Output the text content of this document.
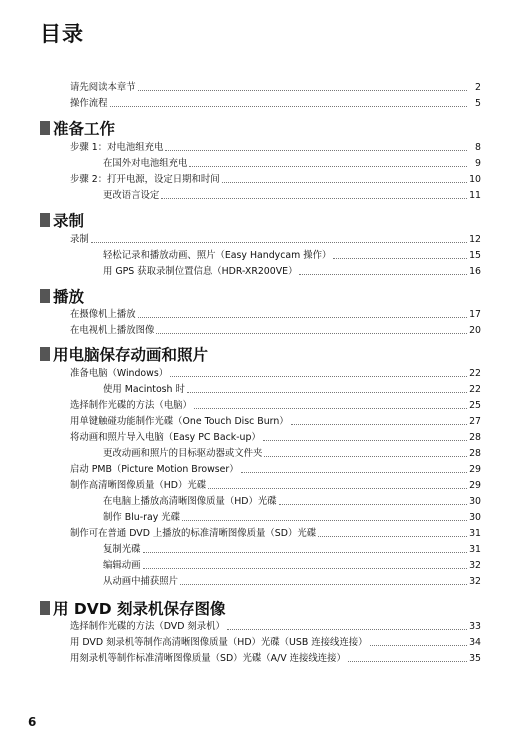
目录
请先阅读本章节	2
操作流程	5
准备工作
步骤 1：对电池组充电	8
在国外对电池组充电	9
步骤 2：打开电源，设定日期和时间	10
更改语言设定	11
录制
录制	12
轻松记录和播放动画、照片（Easy Handycam 操作）	15
用 GPS 获取录制位置信息（HDR-XR200VE）	16
播放
在摄像机上播放	17
在电视机上播放图像	20
用电脑保存动画和照片
准备电脑（Windows）	22
使用 Macintosh 时	22
选择制作光碟的方法（电脑）	25
用单键触碰功能制作光碟（One Touch Disc Burn）	27
将动画和照片导入电脑（Easy PC Back-up）	28
更改动画和照片的目标驱动器或文件夹	28
启动 PMB（Picture Motion Browser）	29
制作高清晰图像质量（HD）光碟	29
在电脑上播放高清晰图像质量（HD）光碟	30
制作 Blu-ray 光碟	30
制作可在普通 DVD 上播放的标准清晰图像质量（SD）光碟	31
复制光碟	31
编辑动画	32
从动画中捕获照片	32
用 DVD 刻录机保存图像
选择制作光碟的方法（DVD 刻录机）	33
用 DVD 刻录机等制作高清晰图像质量（HD）光碟（USB 连接线连接）	34
用刻录机等制作标准清晰图像质量（SD）光碟（A/V 连接线连接）	35
6
